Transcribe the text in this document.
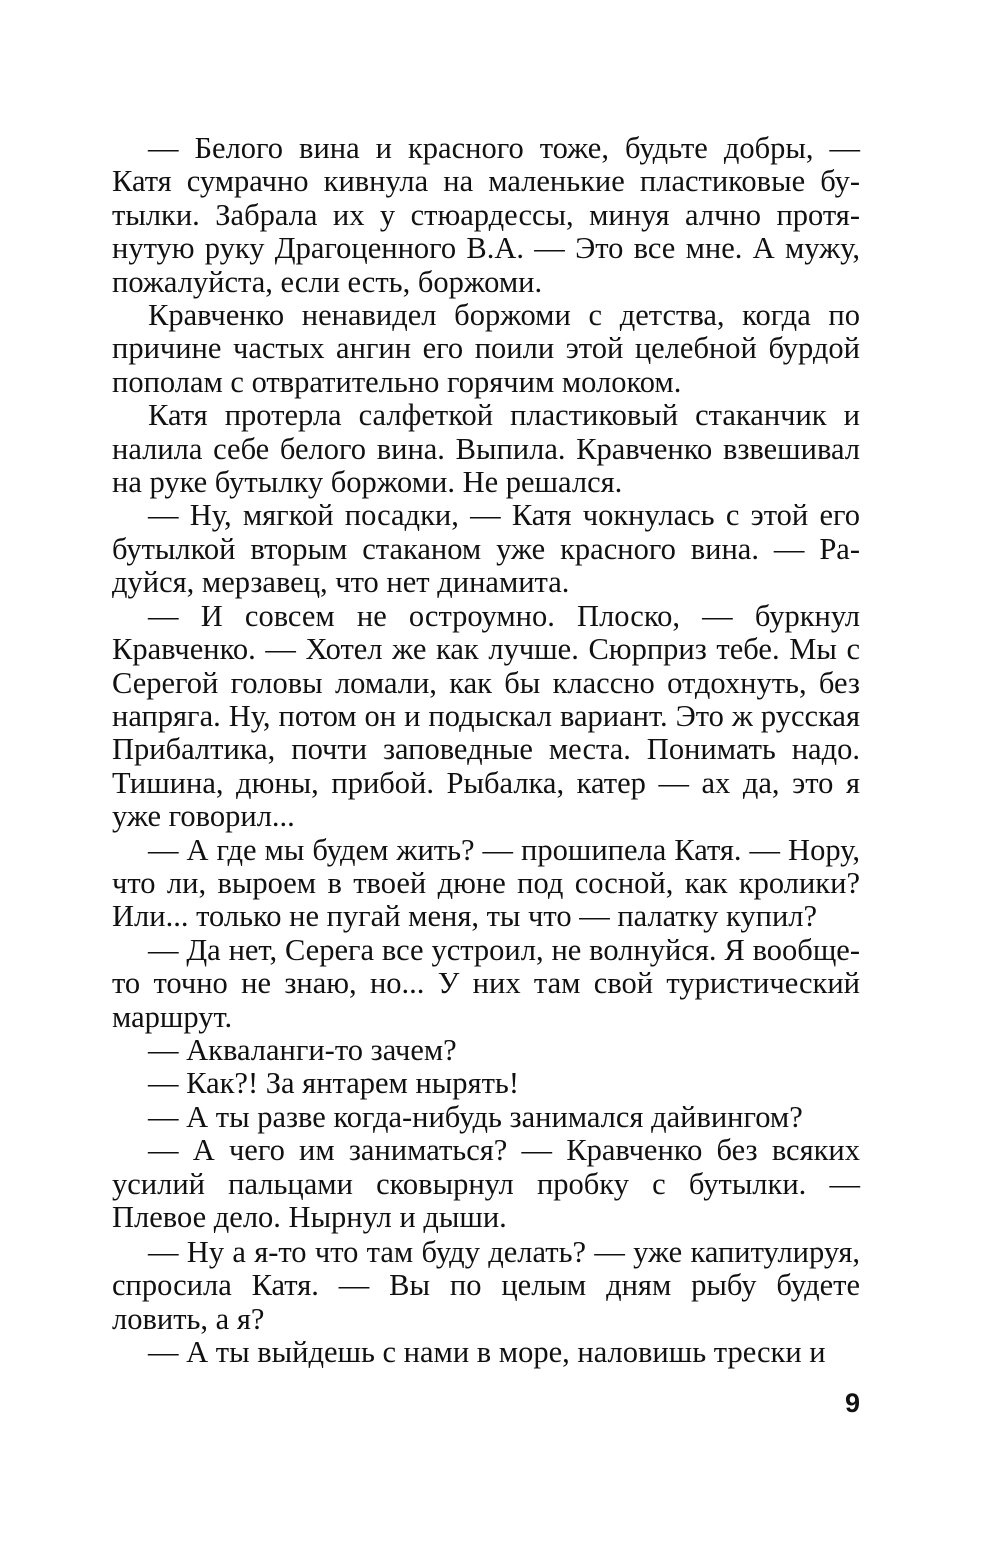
— Белого вина и красного тоже, будьте добры, — Катя сумрачно кивнула на маленькие пластиковые бутылки. Забрала их у стюардессы, минуя алчно протянутую руку Драгоценного В.А. — Это все мне. А мужу, пожалуйста, если есть, боржоми.

Кравченко ненавидел боржоми с детства, когда по причине частых ангин его поили этой целебной бурдой пополам с отвратительно горячим молоком.

Катя протерла салфеткой пластиковый стаканчик и налила себе белого вина. Выпила. Кравченко взвешивал на руке бутылку боржоми. Не решался.

— Ну, мягкой посадки, — Катя чокнулась с этой его бутылкой вторым стаканом уже красного вина. — Радуйся, мерзавец, что нет динамита.

— И совсем не остроумно. Плоско, — буркнул Кравченко. — Хотел же как лучше. Сюрприз тебе. Мы с Серегой головы ломали, как бы классно отдохнуть, без напряга. Ну, потом он и подыскал вариант. Это ж русская Прибалтика, почти заповедные места. Понимать надо. Тишина, дюны, прибой. Рыбалка, катер — ах да, это я уже говорил...

— А где мы будем жить? — прошипела Катя. — Нору, что ли, выроем в твоей дюне под сосной, как кролики? Или... только не пугай меня, ты что — палатку купил?

— Да нет, Серега все устроил, не волнуйся. Я вообще-то точно не знаю, но... У них там свой туристический маршрут.

— Акваланги-то зачем?

— Как?! За янтарем нырять!

— А ты разве когда-нибудь занимался дайвингом?

— А чего им заниматься? — Кравченко без всяких усилий пальцами сковырнул пробку с бутылки. — Плевое дело. Нырнул и дыши.

— Ну а я-то что там буду делать? — уже капитулируя, спросила Катя. — Вы по целым дням рыбу будете ловить, а я?

— А ты выйдешь с нами в море, наловишь трески и

9
